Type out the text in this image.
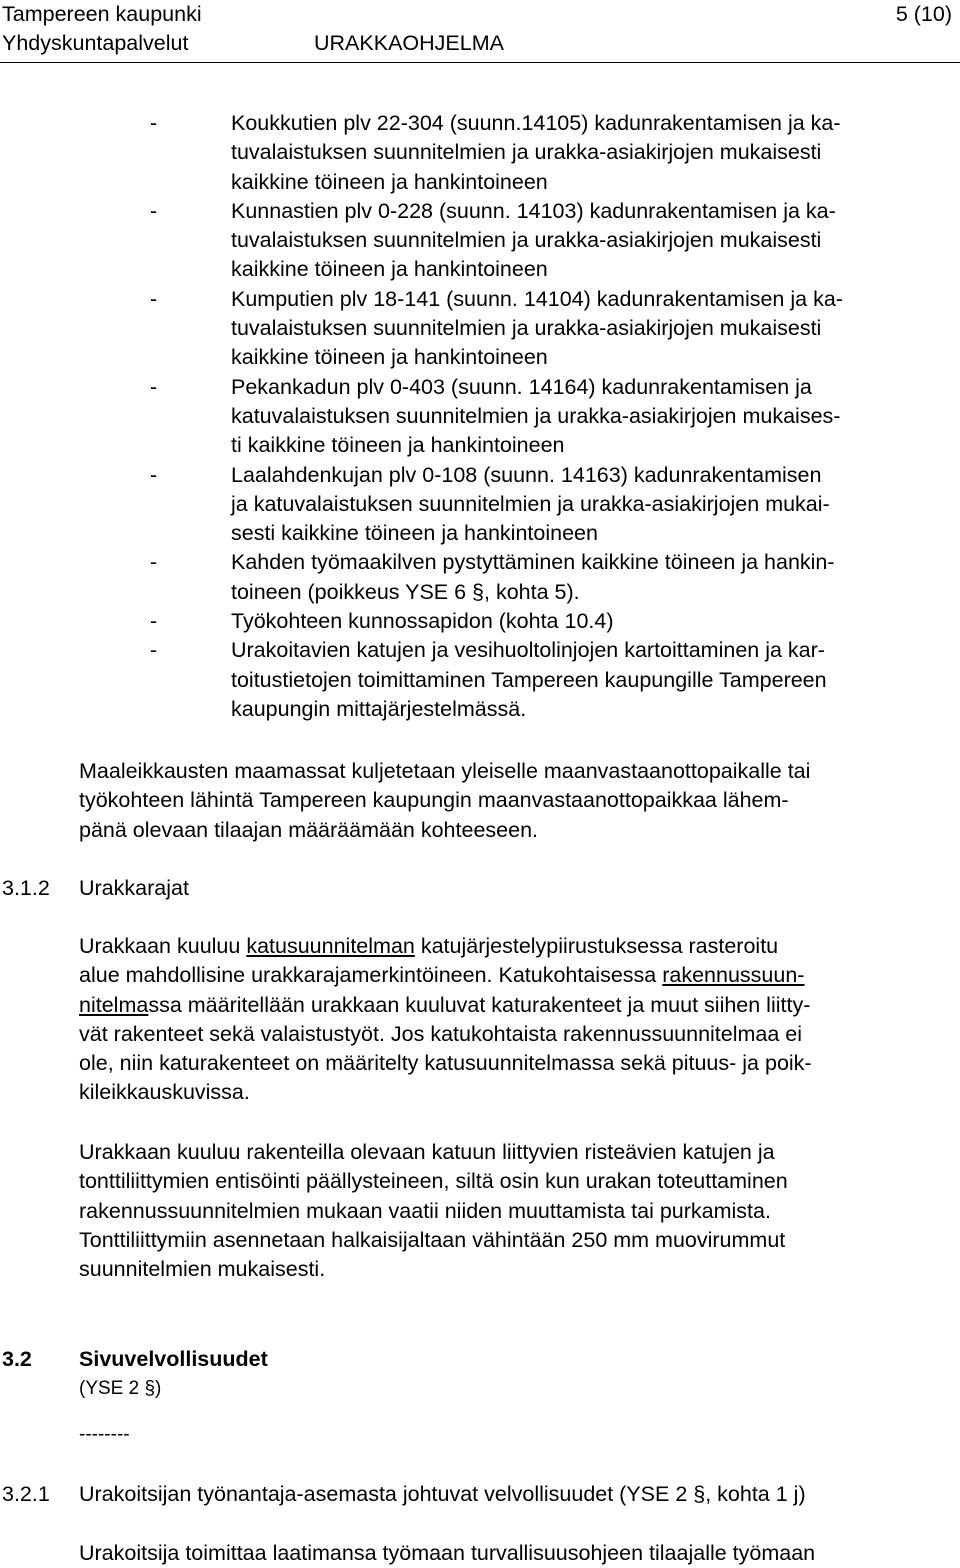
Tampereen kaupunki
Yhdyskuntapalvelut	URAKKAOHJELMA
5 (10)
-	Koukkutien plv 22-304 (suunn.14105) kadunrakentamisen ja ka-
tuvalaistuksen suunnitelmien ja urakka-asiakirjojen mukaisesti
kaikkine töineen ja hankintoineen
-	Kunnastien plv 0-228 (suunn. 14103) kadunrakentamisen ja ka-
tuvalaistuksen suunnitelmien ja urakka-asiakirjojen mukaisesti
kaikkine töineen ja hankintoineen
-	Kumputien plv 18-141 (suunn. 14104) kadunrakentamisen ja ka-
tuvalaistuksen suunnitelmien ja urakka-asiakirjojen mukaisesti
kaikkine töineen ja hankintoineen
-	Pekankadun plv 0-403 (suunn. 14164) kadunrakentamisen ja
katuvalaistuksen suunnitelmien ja urakka-asiakirjojen mukaises-
ti kaikkine töineen ja hankintoineen
-	Laalahdenkujan plv 0-108 (suunn. 14163) kadunrakentamisen
ja katuvalaistuksen suunnitelmien ja urakka-asiakirjojen mukai-
sesti kaikkine töineen ja hankintoineen
-	Kahden työmaakilven pystyttäminen kaikkine töineen ja hankin-
toineen (poikkeus YSE 6 §, kohta 5).
-	Työkohteen kunnossapidon (kohta 10.4)
-	Urakoitavien katujen ja vesihuoltolinjojen kartoittaminen ja kar-
toitustietojen toimittaminen Tampereen kaupungille Tampereen
kaupungin mittajärjestelmässä.
Maaleikkausten maamassat kuljetetaan yleiselle maanvastaanottopaikalle tai
työkohteen lähintä Tampereen kaupungin maanvastaanottopaikkaa lähem-
pänä olevaan tilaajan määräämään kohteeseen.
3.1.2 Urakkarajat
Urakkaan kuuluu katusuunnitelman katujärjestelypiirustuksessa rasteroitu
alue mahdollisine urakkarajamerkintöineen. Katukohtaisessa rakennussuun-
nitelmassa määritellään urakkaan kuuluvat katurakenteet ja muut siihen liitty-
vät rakenteet sekä valaistustyöt. Jos katukohtaista rakennussuunnitelmaa ei
ole, niin katurakenteet on määritelty katusuunnitelmassa sekä pituus- ja poik-
kileikkauskuvissa.
Urakkaan kuuluu rakenteilla olevaan katuun liittyvien risteävien katujen ja
tonttiliittymien entisöinti päällysteineen, siltä osin kun urakan toteuttaminen
rakennussuunnitelmien mukaan vaatii niiden muuttamista tai purkamista.
Tonttiliittymiin asennetaan halkaisijaltaan vähintään 250 mm muovirummut
suunnitelmien mukaisesti.
3.2 Sivuvelvollisuudet
(YSE 2 §)
--------
3.2.1 Urakoitsijan työnantaja-asemasta johtuvat velvollisuudet (YSE 2 §, kohta 1 j)
Urakoitsija toimittaa laatimansa työmaan turvallisuusohjeen tilaajalle työmaan
